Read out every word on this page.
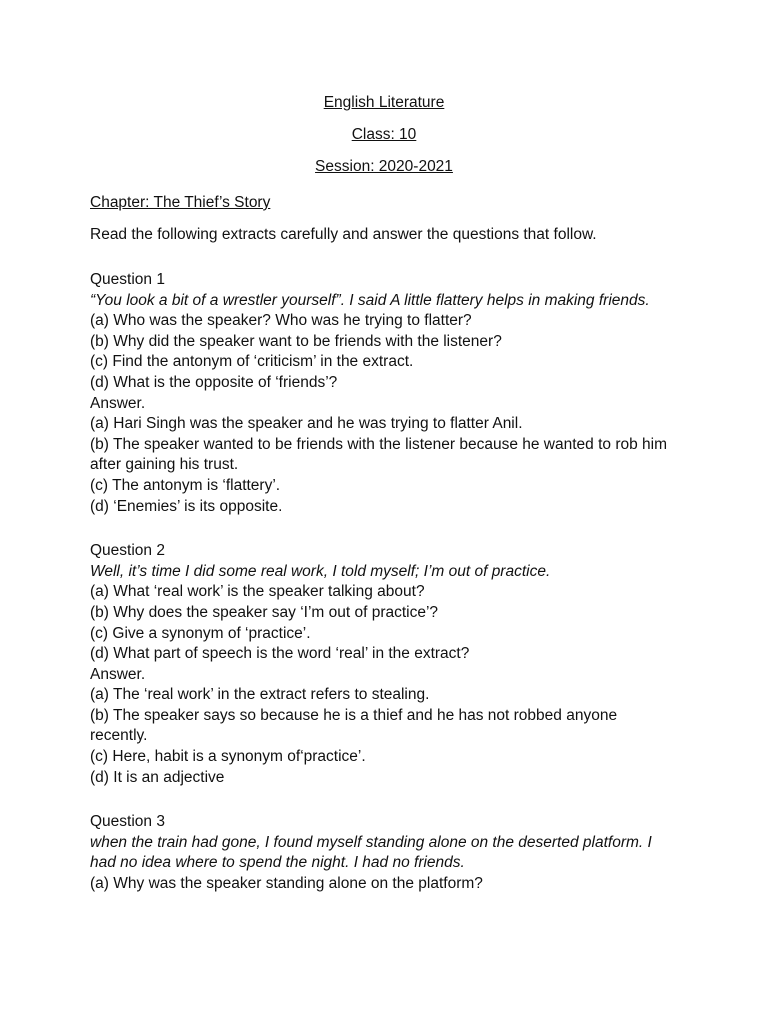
English Literature

Class: 10

Session: 2020-2021

Chapter: The Thief’s Story

Read the following extracts carefully and answer the questions that follow.

Question 1

“You look a bit of a wrestler yourself”. I said A little flattery helps in making friends.

(a) Who was the speaker? Who was he trying to flatter?

(b) Why did the speaker want to be friends with the listener?

(c) Find the antonym of ‘criticism’ in the extract.

(d) What is the opposite of ‘friends’?

Answer.

(a) Hari Singh was the speaker and he was trying to flatter Anil.

(b) The speaker wanted to be friends with the listener because he wanted to rob him after gaining his trust.

(c) The antonym is ‘flattery’.

(d) ‘Enemies’ is its opposite.

Question 2

Well, it’s time I did some real work, I told myself; I’m out of practice.

(a) What ‘real work’ is the speaker talking about?

(b) Why does the speaker say ‘I’m out of practice’?

(c) Give a synonym of ‘practice’.

(d) What part of speech is the word ‘real’ in the extract?

Answer.

(a) The ‘real work’ in the extract refers to stealing.

(b) The speaker says so because he is a thief and he has not robbed anyone recently.

(c) Here, habit is a synonym of‘practice’.

(d) It is an adjective

Question 3

when the train had gone, I found myself standing alone on the deserted platform. I had no idea where to spend the night. I had no friends.

(a) Why was the speaker standing alone on the platform?
